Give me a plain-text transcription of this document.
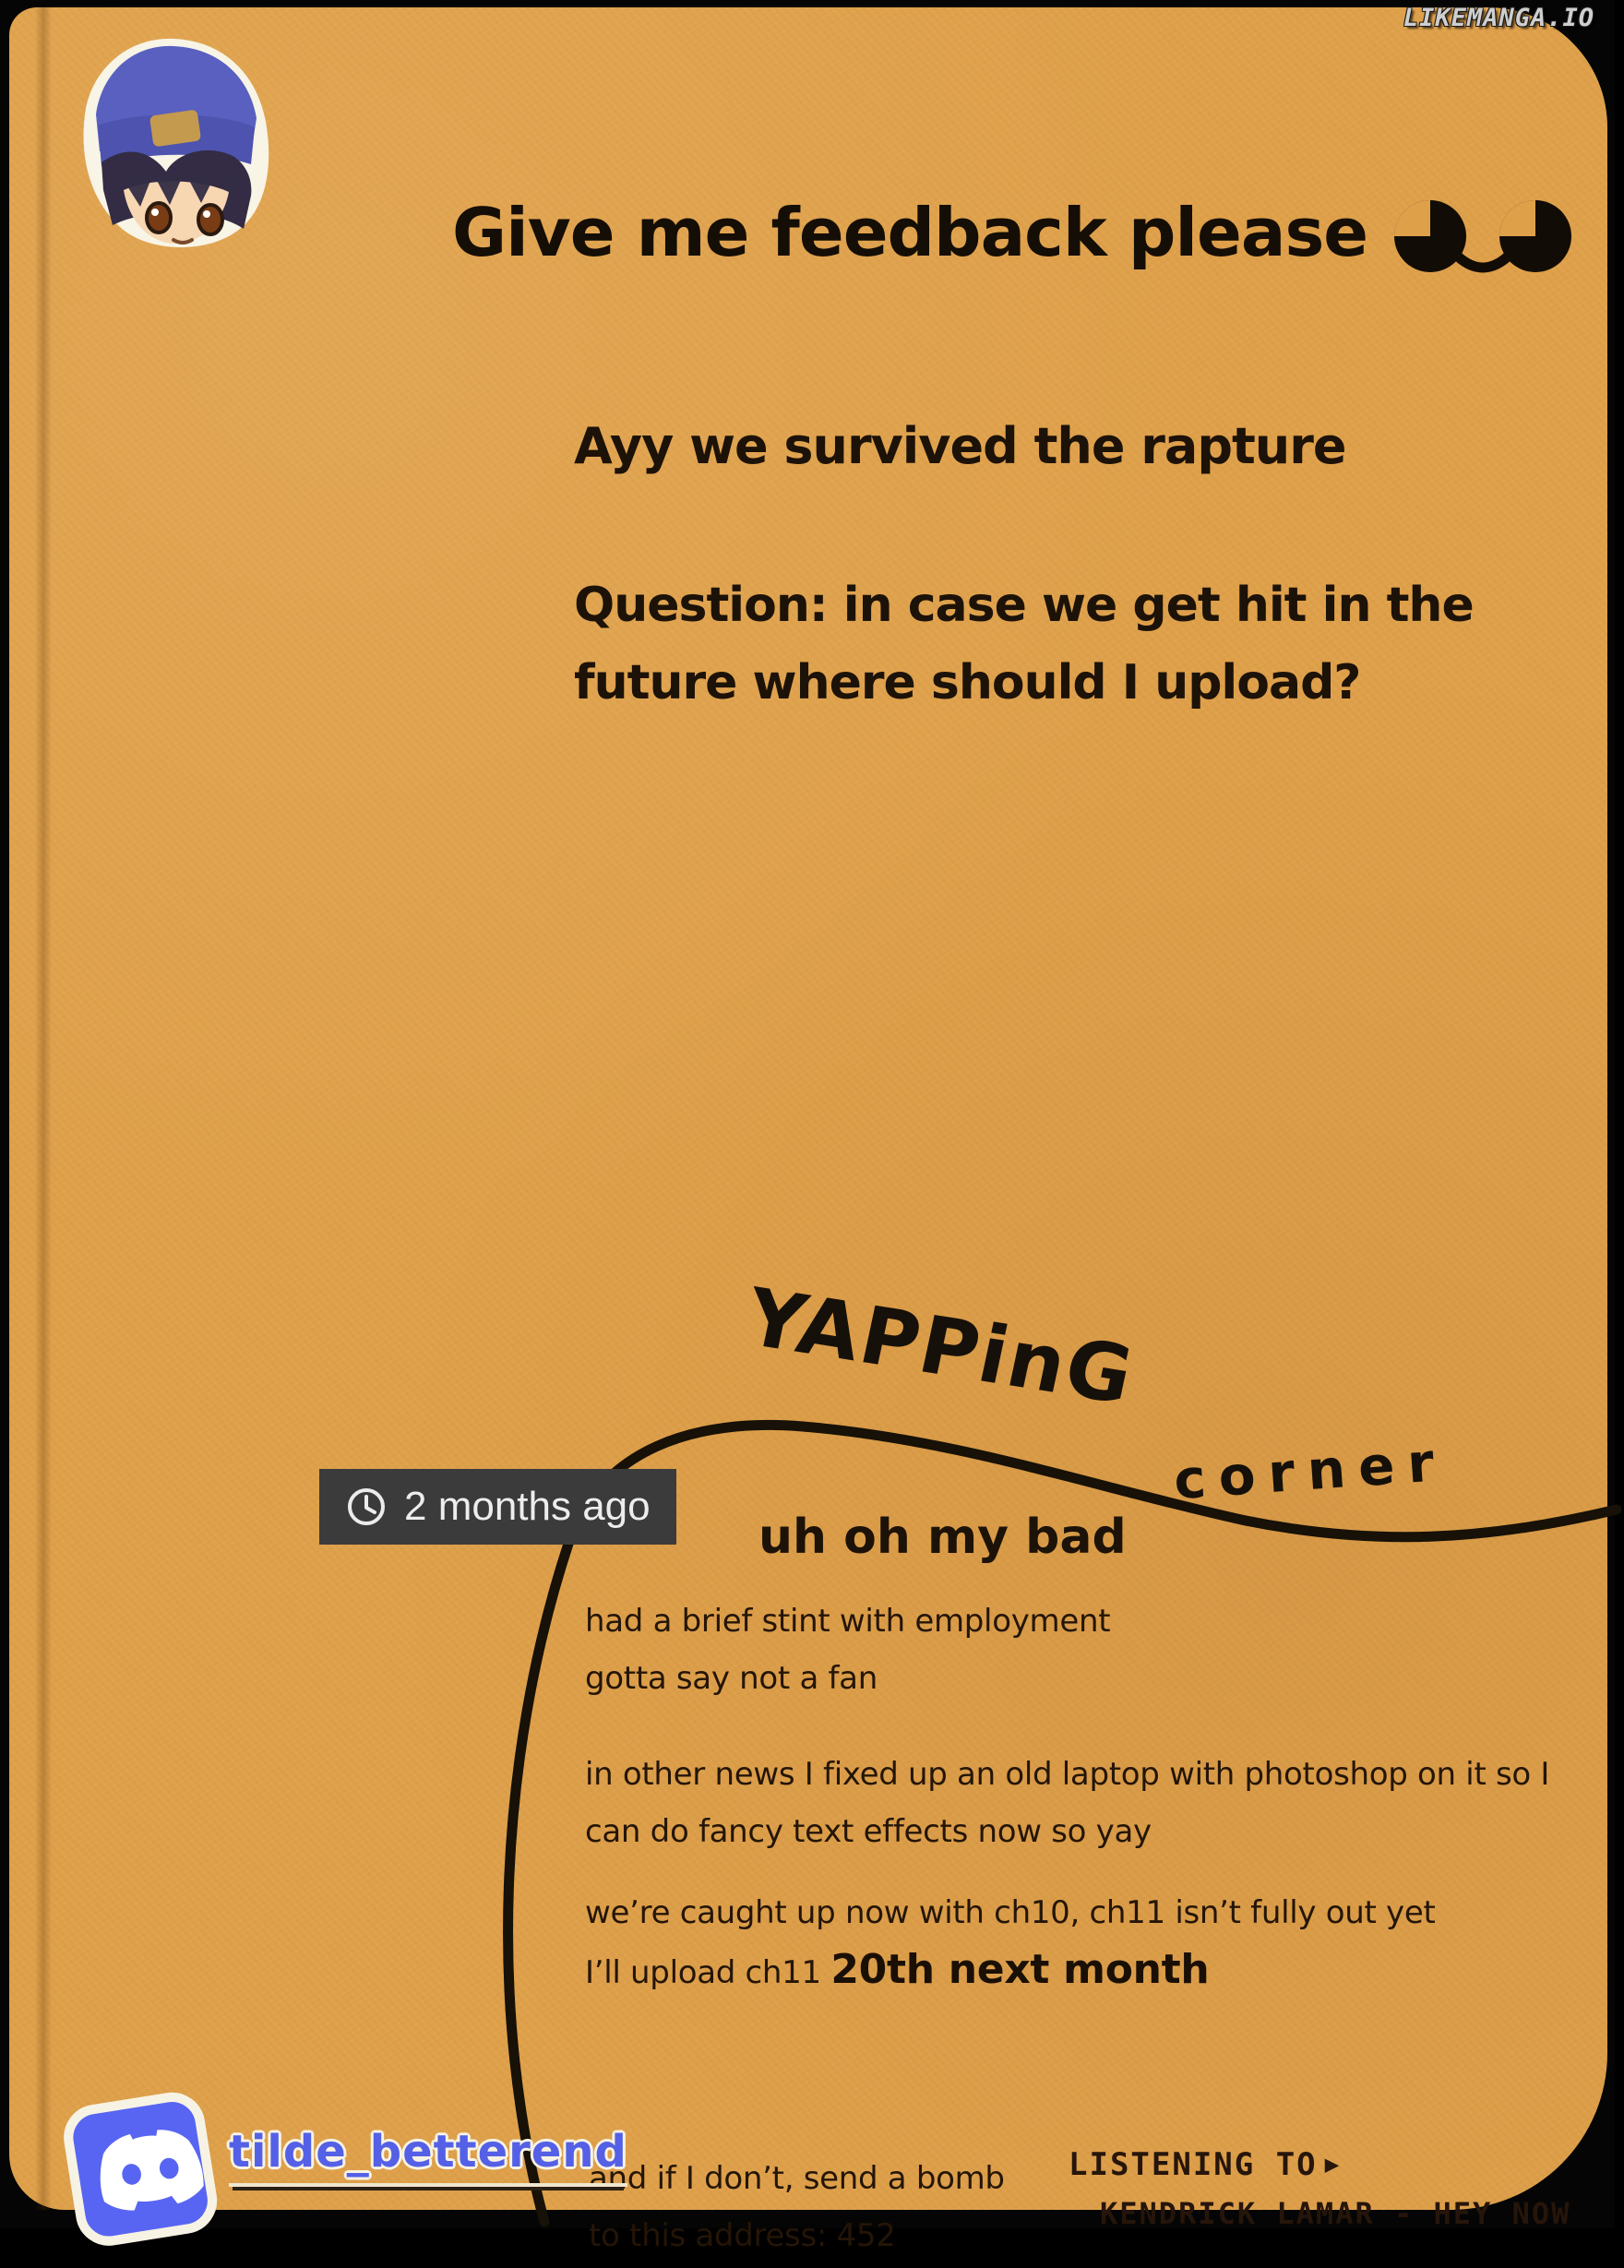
LIKEMANGA.IO
Give me feedback please
Ayy we survived the rapture
Question: in case we get hit in the
future where should I upload?
YAPPinG
corner
2 months ago
uh oh my bad
had a brief stint with employment
gotta say not a fan
in other news I fixed up an old laptop with photoshop on it so I
can do fancy text effects now so yay
we’re caught up now with ch10, ch11 isn’t fully out yet
I’ll upload ch11 20th next month
and if I don’t, send a bomb
to this address: 452
tilde_betterend	LISTENING TO ▶
KENDRICK LAMAR - HEY NOW
